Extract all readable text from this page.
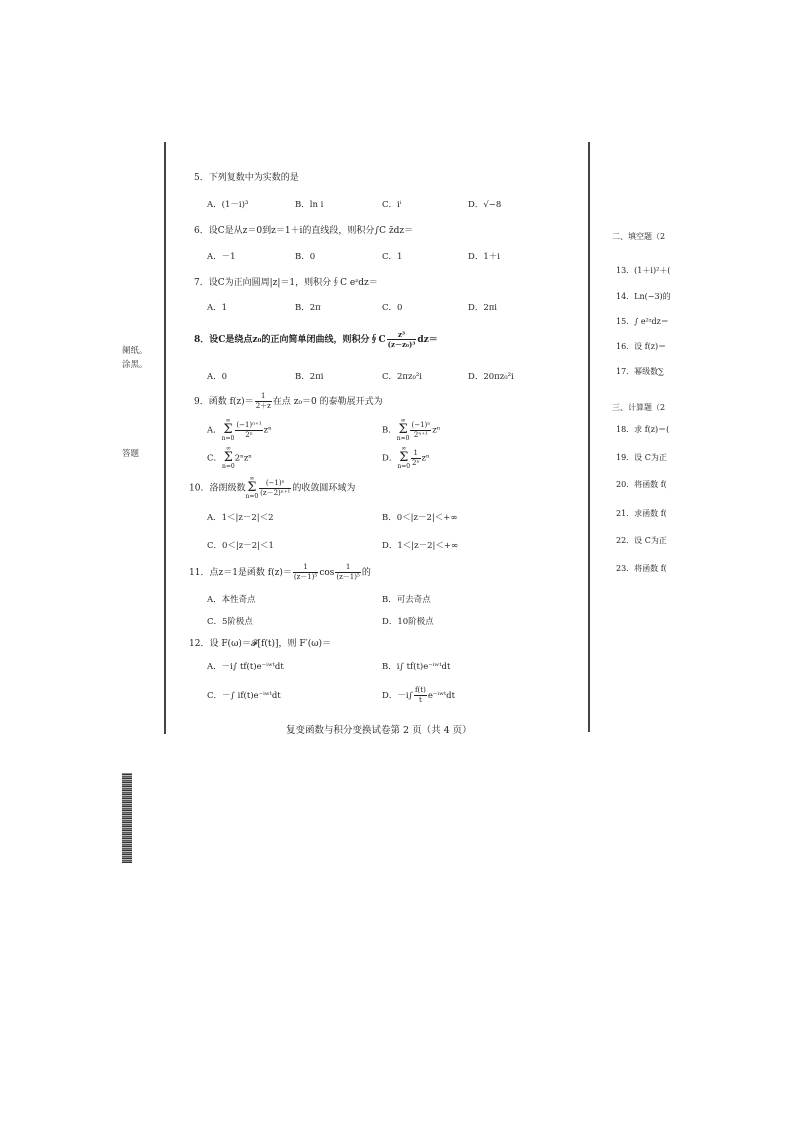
阑纸。
涂黑。
答题
5．下列复数中为实数的是
A．(1－i)³	B．ln i	C．iⁱ	D．√−8
6．设C是从z＝0到z＝1＋i的直线段，则积分∫C z̄dz＝
A．－1	B．0	C．1	D．1＋i
7．设C为正向圆周|z|＝1，则积分∮C eᶻdz＝
A．1	B．2π	C．0	D．2πi
8．设C是绕点z₀的正向简单闭曲线，则积分∮C $\frac{\text{z³}}{\text{(z－z₀)³}} dz=$
A．0	B．2πi	C．2πz₀²i	D．20πz₀²i
9．函数 $f(z)= \frac{1}{2+z}$ 在点 z₀＝0 的泰勒展开式为
A．∞
Σ
$n=0 \frac{\text{(−1)ⁿ⁺¹}}{\text{2ⁿ}}$ zⁿ	B．∞
Σ
$n=0 \frac{\text{(−1)ⁿ}}{\text{2ⁿ⁺¹}}$ zⁿ
C．∞
Σ
n=02ⁿzⁿ	D．∞
Σ
$n=0 \frac{1}{\text{2ⁿ}}$ zⁿ
10．洛朗级数∞
Σ
$n=0 \frac{\text{(−1)ⁿ}}{\text{(z－2)ⁿ⁺¹}}$ 的收敛圆环域为
A．1＜|z－2|＜2	B．0＜|z－2|＜+∞
C．0＜|z－2|＜1	D．1＜|z－2|＜+∞
11．点z＝1是函数 $f(z)= \frac{1}{\text{(z－1)⁵}}$ $\cos \frac{1}{\text{(z－1)⁵}}$ 的
A．本性奇点	B．可去奇点
C．5阶极点	D．10阶极点
12．设 F(ω)＝𝓕[f(t)]，则 F′(ω)＝
A．－i∫ tf(t)e⁻ⁱʷᵗdt	B．i∫ tf(t)e⁻ⁱʷᵗdt
C．－∫ if(t)e⁻ⁱʷᵗdt	D．$-i\int \frac{f(t)}{t}$ e⁻ⁱʷᵗdt
复变函数与积分变换试卷第 2 页（共 4 页）
二、填空题（2
13．(1＋i)²＋(
14．Ln(−3)的
15．∫ e²ᶻdz＝
16．设 f(z)＝
17．幂级数∑
三、计算题（2
18．求 f(z)＝(
19．设 C为正
20．将函数 f(
21．求函数 f(
22．设 C为正
23．将函数 f(
